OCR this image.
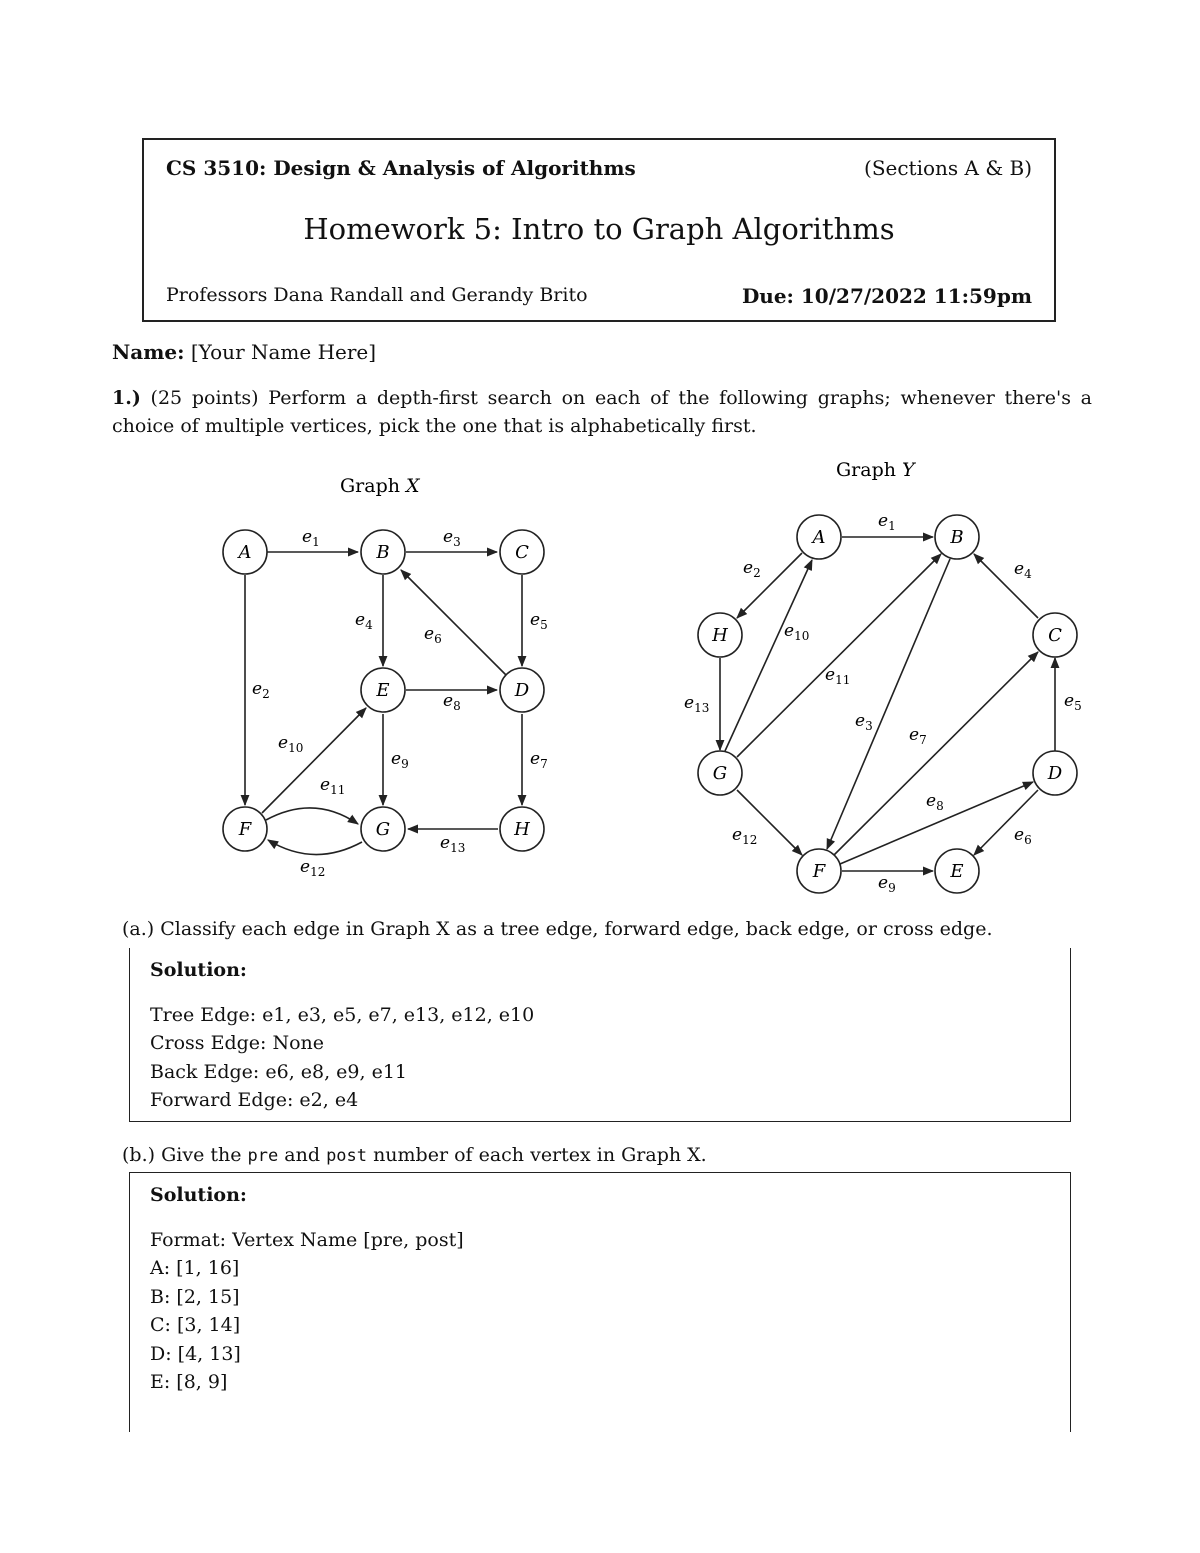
CS 3510: Design & Analysis of Algorithms	(Sections A & B)
Homework 5: Intro to Graph Algorithms
Professors Dana Randall and Gerandy Brito	Due: 10/27/2022 11:59pm
Name: [Your Name Here]
1.) (25 points) Perform a depth-first search on each of the following graphs; whenever there's a choice of multiple vertices, pick the one that is alphabetically first.
Graph X
$e_1$
$e_2$
$e_3$
$e_4$	$e_5$
$e_6$
$e_7$
$e_8$
$e_9$
$e_{10}$
$e_{11}$
$e_{12}$
$e_{13}$
A	B	C
D
E
F	G	H
Graph Y
$e_1$
$e_2$
$e_3$
$e_4$
$e_5$
$e_6$
$e_7$
$e_8$
$e_9$
$e_{10}$
$e_{11}$
$e_{12}$
$e_{13}$
A	B
C
D
E
F
G
H
(a.) Classify each edge in Graph X as a tree edge, forward edge, back edge, or cross edge.
Solution:
Tree Edge: e1, e3, e5, e7, e13, e12, e10
Cross Edge: None
Back Edge: e6, e8, e9, e11
Forward Edge: e2, e4
(b.) Give the pre and post number of each vertex in Graph X.
Solution:
Format: Vertex Name [pre, post]
A: [1, 16]
B: [2, 15]
C: [3, 14]
D: [4, 13]
E: [8, 9]
